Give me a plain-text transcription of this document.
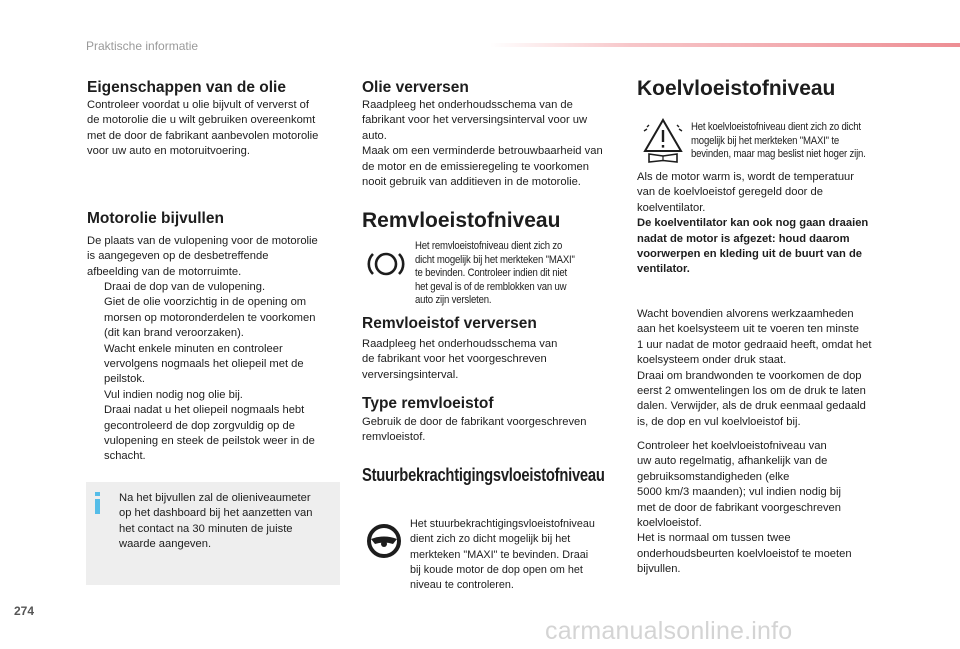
Praktische informatie
Eigenschappen van de olie
Controleer voordat u olie bijvult of ververst of
de motorolie die u wilt gebruiken overeenkomt
met de door de fabrikant aanbevolen motorolie
voor uw auto en motoruitvoering.
Motorolie bijvullen
De plaats van de vulopening voor de motorolie
is aangegeven op de desbetreffende
afbeelding van de motorruimte.
Draai de dop van de vulopening.
Giet de olie voorzichtig in de opening om
morsen op motoronderdelen te voorkomen
(dit kan brand veroorzaken).
Wacht enkele minuten en controleer
vervolgens nogmaals het oliepeil met de
peilstok.
Vul indien nodig nog olie bij.
Draai nadat u het oliepeil nogmaals hebt
gecontroleerd de dop zorgvuldig op de
vulopening en steek de peilstok weer in de
schacht.
Na het bijvullen zal de olieniveaumeter
op het dashboard bij het aanzetten van
het contact na 30 minuten de juiste
waarde aangeven.
Olie verversen
Raadpleeg het onderhoudsschema van de
fabrikant voor het verversingsinterval voor uw
auto.
Maak om een verminderde betrouwbaarheid van
de motor en de emissieregeling te voorkomen
nooit gebruik van additieven in de motorolie.
Remvloeistofniveau
Het remvloeistofniveau dient zich zo
dicht mogelijk bij het merkteken "MAXI"
te bevinden. Controleer indien dit niet
het geval is of de remblokken van uw
auto zijn versleten.
Remvloeistof verversen
Raadpleeg het onderhoudsschema van
de fabrikant voor het voorgeschreven
verversingsinterval.
Type remvloeistof
Gebruik de door de fabrikant voorgeschreven
remvloeistof.
Stuurbekrachtigingsvloeistofniveau
Het stuurbekrachtigingsvloeistofniveau
dient zich zo dicht mogelijk bij het
merkteken "MAXI" te bevinden. Draai
bij koude motor de dop open om het
niveau te controleren.
Koelvloeistofniveau
Het koelvloeistofniveau dient zich zo dicht
mogelijk bij het merkteken "MAXI" te
bevinden, maar mag beslist niet hoger zijn.
Als de motor warm is, wordt de temperatuur
van de koelvloeistof geregeld door de
koelventilator.
De koelventilator kan ook nog gaan draaien
nadat de motor is afgezet: houd daarom
voorwerpen en kleding uit de buurt van de
ventilator.
Wacht bovendien alvorens werkzaamheden
aan het koelsysteem uit te voeren ten minste
1 uur nadat de motor gedraaid heeft, omdat het
koelsysteem onder druk staat.
Draai om brandwonden te voorkomen de dop
eerst 2 omwentelingen los om de druk te laten
dalen. Verwijder, als de druk eenmaal gedaald
is, de dop en vul koelvloeistof bij.
Controleer het koelvloeistofniveau van
uw auto regelmatig, afhankelijk van de
gebruiksomstandigheden (elke
5000 km/3 maanden); vul indien nodig bij
met de door de fabrikant voorgeschreven
koelvloeistof.
Het is normaal om tussen twee
onderhoudsbeurten koelvloeistof te moeten
bijvullen.
274
carmanualsonline.info
